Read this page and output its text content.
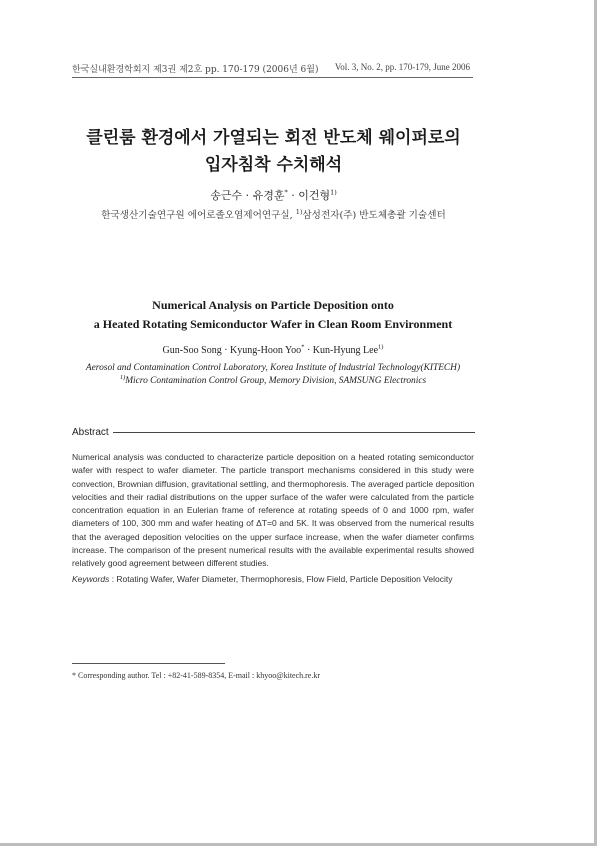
한국실내환경학회지 제3권 제2호 pp. 170-179 (2006년 6월) Vol. 3, No. 2, pp. 170-179, June 2006
클린룸 환경에서 가열되는 회전 반도체 웨이퍼로의
입자침착 수치해석
송근수 · 유경훈* · 이건형$^{1)}$
한국생산기술연구원 에어로졸오염제어연구실, $^{1)}$삼성전자(주) 반도체총괄 기술센터
Numerical Analysis on Particle Deposition onto
a Heated Rotating Semiconductor Wafer in Clean Room Environment
Gun-Soo Song · Kyung-Hoon Yoo* · Kun-Hyung Lee$^{1)}$
Aerosol and Contamination Control Laboratory, Korea Institute of Industrial Technology(KITECH)
$^{1)}$Micro Contamination Control Group, Memory Division, SAMSUNG Electronics
Abstract
Numerical analysis was conducted to characterize particle deposition on a heated rotating semiconductor
wafer with respect to wafer diameter. The particle transport mechanisms considered in this study were
convection, Brownian diffusion, gravitational settling, and thermophoresis. The averaged particle deposition
velocities and their radial distributions on the upper surface of the wafer were calculated from the particle
concentration equation in an Eulerian frame of reference at rotating speeds of 0 and 1000 rpm, wafer
diameters of 100, 300 mm and wafer heating of ΔT=0 and 5K. It was observed from the numerical results
that the averaged deposition velocities on the upper surface increase, when the wafer diameter confirms
increase. The comparison of the present numerical results with the available experimental results showed
relatively good agreement between different studies.
Keywords : Rotating Wafer, Wafer Diameter, Thermophoresis, Flow Field, Particle Deposition Velocity
* Corresponding author. Tel : +82-41-589-8354, E-mail : khyoo@kitech.re.kr
